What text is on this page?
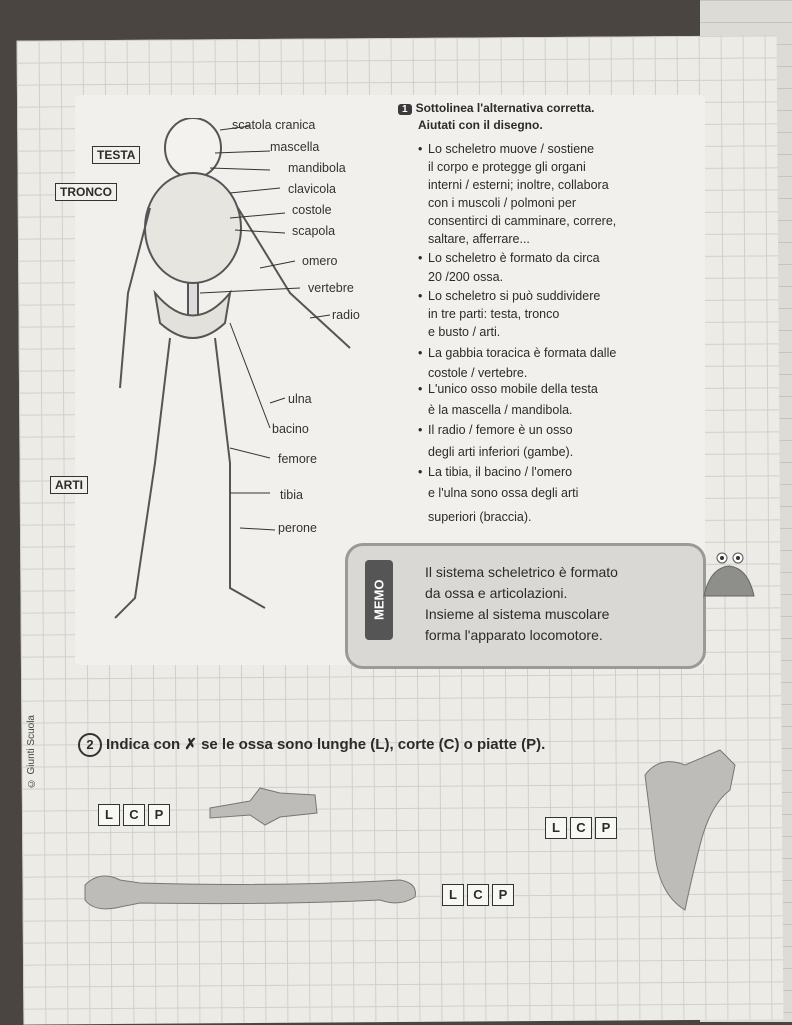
TESTA
TRONCO
ARTI
scatola cranica
mascella
mandibola
clavicola
costole
scapola
omero
vertebre
radio
ulna
bacino
femore
tibia
perone
1 Sottolinea l'alternativa corretta.
Aiutati con il disegno.
• Lo scheletro muove / sostiene
il corpo e protegge gli organi
interni / esterni; inoltre, collabora
con i muscoli / polmoni per
consentirci di camminare, correre,
saltare, afferrare...
• Lo scheletro è formato da circa
20 /200 ossa.
• Lo scheletro si può suddividere
in tre parti: testa, tronco
e busto / arti.
• La gabbia toracica è formata dalle
costole / vertebre.
• L'unico osso mobile della testa
è la mascella / mandibola.
• Il radio / femore è un osso
degli arti inferiori (gambe).
• La tibia, il bacino / l'omero
e l'ulna sono ossa degli arti
superiori (braccia).
MEMO
Il sistema scheletrico è formato
da ossa e articolazioni.
Insieme al sistema muscolare
forma l'apparato locomotore.
2 Indica con ✗ se le ossa sono lunghe (L), corte (C) o piatte (P).
L C P
L C P
L C P
© Giunti Scuola
